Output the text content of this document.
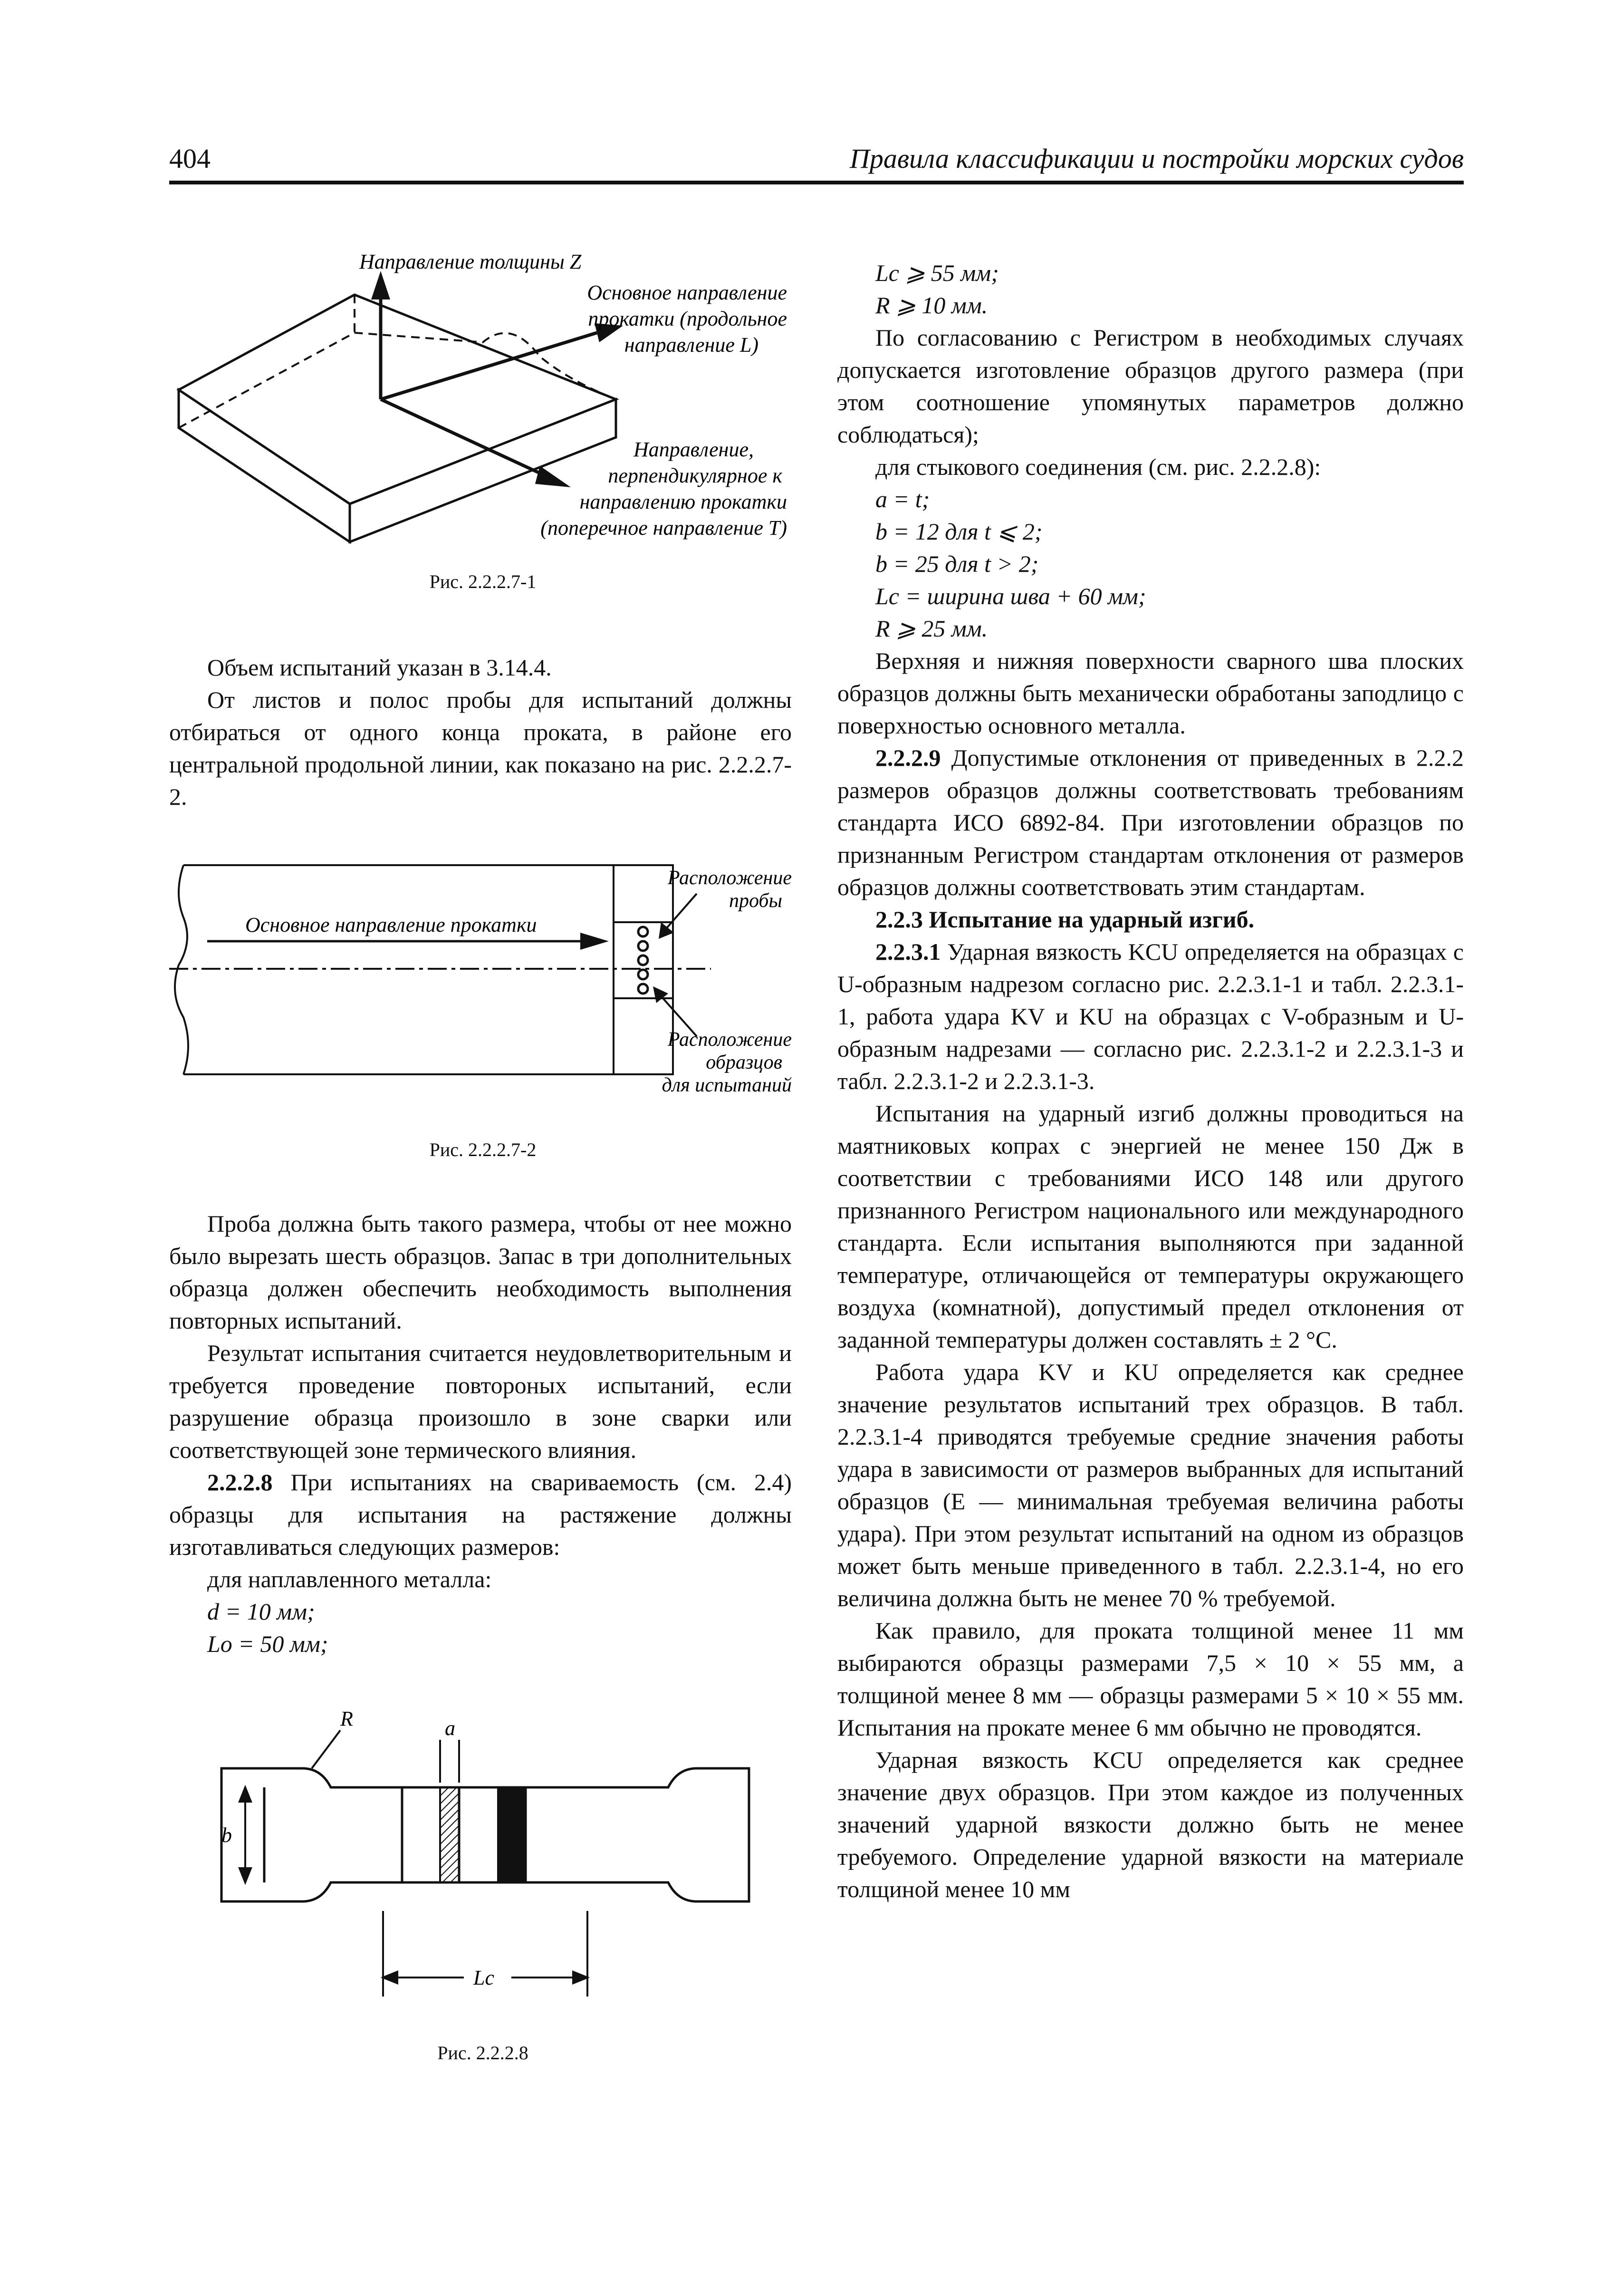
404	Правила классификации и постройки морских судов
Направление толщины Z
Основное направление
прокатки (продольное
направление L)
Направление,
перпендикулярное к
направлению прокатки
(поперечное направление T)
Рис. 2.2.2.7-1

Объем испытаний указан в 3.14.4.

От листов и полос пробы для испытаний должны отбираться от одного конца проката, в районе его центральной продольной линии, как показано на рис. 2.2.2.7-2.

Основное направление прокатки
Расположение
пробы
Расположение
образцов
для испытаний
Рис. 2.2.2.7-2

Проба должна быть такого размера, чтобы от нее можно было вырезать шесть образцов. Запас в три дополнительных образца должен обеспечить необходимость выполнения повторных испытаний.

Результат испытания считается неудовлетворительным и требуется проведение повтороных испытаний, если разрушение образца произошло в зоне сварки или соответствующей зоне термического влияния.

2.2.2.8 При испытаниях на свариваемость (см. 2.4) образцы для испытания на растяжение должны изготавливаться следующих размеров:

для наплавленного металла:

d = 10 мм;

Lo = 50 мм;

R	a
b
Lc
Рис. 2.2.2.8

Lc ⩾ 55 мм;

R ⩾ 10 мм.

По согласованию с Регистром в необходимых случаях допускается изготовление образцов другого размера (при этом соотношение упомянутых параметров должно соблюдаться);

для стыкового соединения (см. рис. 2.2.2.8):

a = t;

b = 12 для t ⩽ 2;

b = 25 для t > 2;

Lc = ширина шва + 60 мм;

R ⩾ 25 мм.

Верхняя и нижняя поверхности сварного шва плоских образцов должны быть механически обработаны заподлицо с поверхностью основного металла.

2.2.2.9 Допустимые отклонения от приведенных в 2.2.2 размеров образцов должны соответствовать требованиям стандарта ИСО 6892-84. При изготовлении образцов по признанным Регистром стандартам отклонения от размеров образцов должны соответствовать этим стандартам.

2.2.3 Испытание на ударный изгиб.

2.2.3.1 Ударная вязкость KCU определяется на образцах с U-образным надрезом согласно рис. 2.2.3.1-1 и табл. 2.2.3.1-1, работа удара KV и KU на образцах с V-образным и U-образным надрезами — согласно рис. 2.2.3.1-2 и 2.2.3.1-3 и табл. 2.2.3.1-2 и 2.2.3.1-3.

Испытания на ударный изгиб должны проводиться на маятниковых копрах с энергией не менее 150 Дж в соответствии с требованиями ИСО 148 или другого признанного Регистром национального или международного стандарта. Если испытания выполняются при заданной температуре, отличающейся от температуры окружающего воздуха (комнатной), допустимый предел отклонения от заданной температуры должен составлять ± 2 °C.

Работа удара KV и KU определяется как среднее значение результатов испытаний трех образцов. В табл. 2.2.3.1-4 приводятся требуемые средние значения работы удара в зависимости от размеров выбранных для испытаний образцов (E — минимальная требуемая величина работы удара). При этом результат испытаний на одном из образцов может быть меньше приведенного в табл. 2.2.3.1-4, но его величина должна быть не менее 70 % требуемой.

Как правило, для проката толщиной менее 11 мм выбираются образцы размерами 7,5 × 10 × 55 мм, а толщиной менее 8 мм — образцы размерами 5 × 10 × 55 мм. Испытания на прокате менее 6 мм обычно не проводятся.

Ударная вязкость KCU определяется как среднее значение двух образцов. При этом каждое из полученных значений ударной вязкости должно быть не менее требуемого. Определение ударной вязкости на материале толщиной менее 10 мм
